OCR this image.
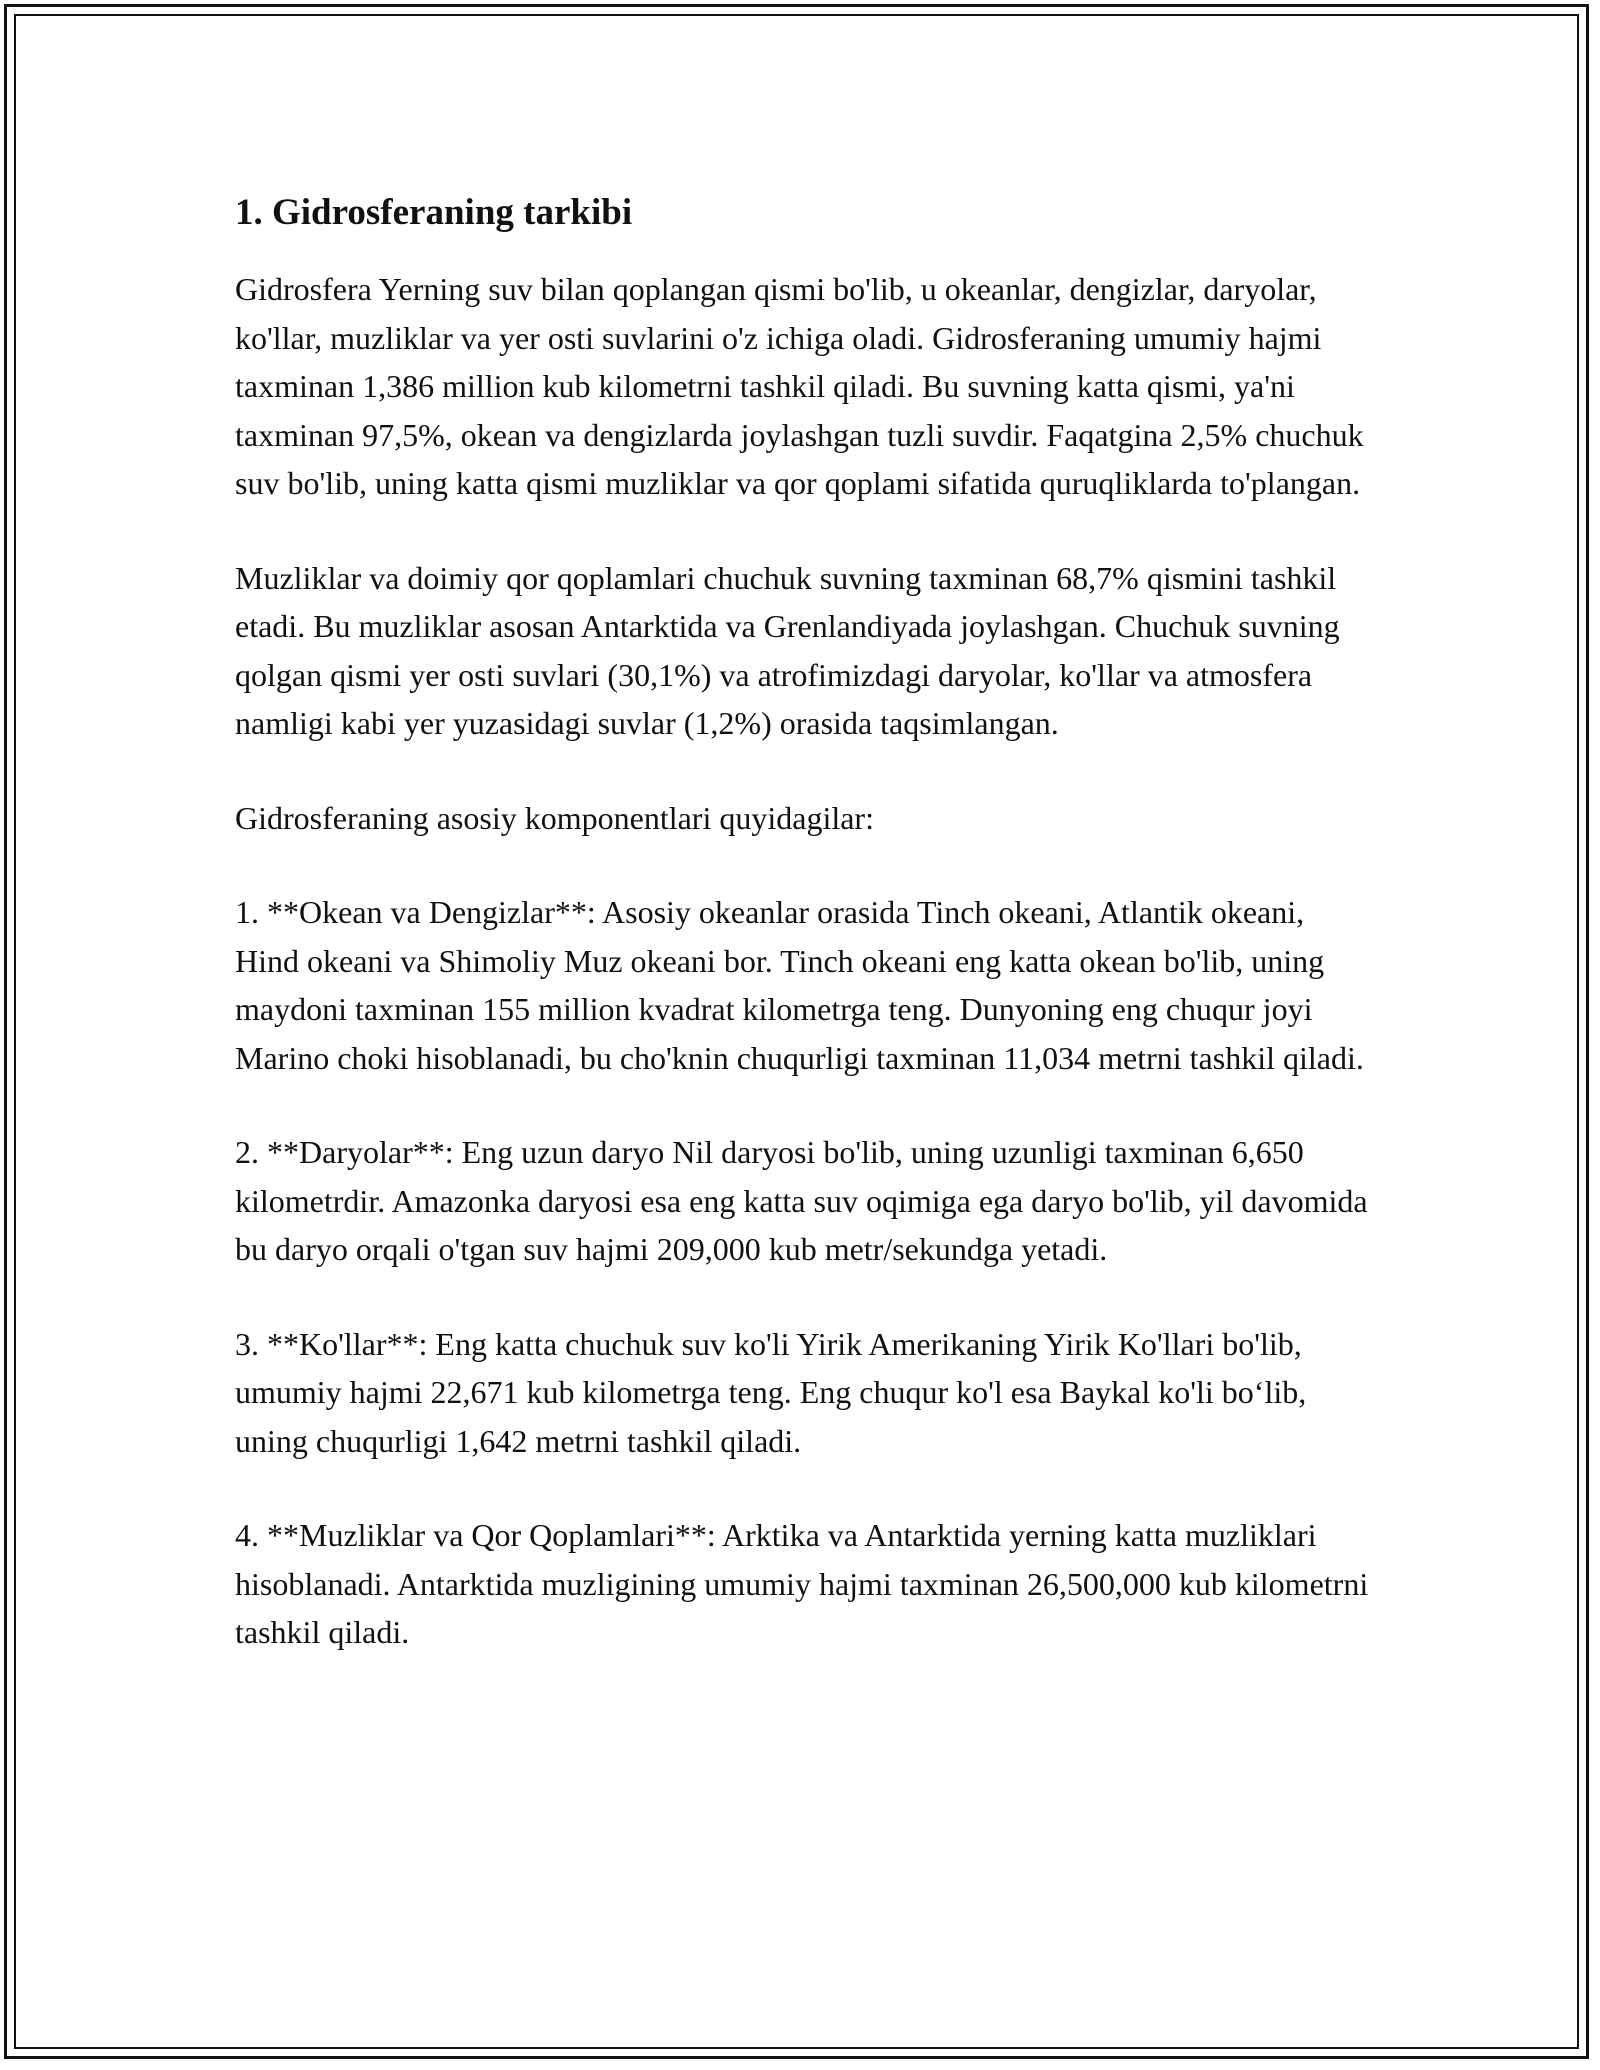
1. Gidrosferaning tarkibi

Gidrosfera Yerning suv bilan qoplangan qismi bo'lib, u okeanlar, dengizlar, daryolar, ko'llar, muzliklar va yer osti suvlarini o'z ichiga oladi. Gidrosferaning umumiy hajmi taxminan 1,386 million kub kilometrni tashkil qiladi. Bu suvning katta qismi, ya'ni taxminan 97,5%, okean va dengizlarda joylashgan tuzli suvdir. Faqatgina 2,5% chuchuk suv bo'lib, uning katta qismi muzliklar va qor qoplami sifatida quruqliklarda to'plangan.

Muzliklar va doimiy qor qoplamlari chuchuk suvning taxminan 68,7% qismini tashkil etadi. Bu muzliklar asosan Antarktida va Grenlandiyada joylashgan. Chuchuk suvning qolgan qismi yer osti suvlari (30,1%) va atrofimizdagi daryolar, ko'llar va atmosfera namligi kabi yer yuzasidagi suvlar (1,2%) orasida taqsimlangan.

Gidrosferaning asosiy komponentlari quyidagilar:

1. **Okean va Dengizlar**: Asosiy okeanlar orasida Tinch okeani, Atlantik okeani, Hind okeani va Shimoliy Muz okeani bor. Tinch okeani eng katta okean bo'lib, uning maydoni taxminan 155 million kvadrat kilometrga teng. Dunyoning eng chuqur joyi Marino choki hisoblanadi, bu cho'knin chuqurligi taxminan 11,034 metrni tashkil qiladi.

2. **Daryolar**: Eng uzun daryo Nil daryosi bo'lib, uning uzunligi taxminan 6,650 kilometrdir. Amazonka daryosi esa eng katta suv oqimiga ega daryo bo'lib, yil davomida bu daryo orqali o'tgan suv hajmi 209,000 kub metr/sekundga yetadi.

3. **Ko'llar**: Eng katta chuchuk suv ko'li Yirik Amerikaning Yirik Ko'llari bo'lib, umumiy hajmi 22,671 kub kilometrga teng. Eng chuqur ko'l esa Baykal ko'li bo‘lib, uning chuqurligi 1,642 metrni tashkil qiladi.

4. **Muzliklar va Qor Qoplamlari**: Arktika va Antarktida yerning katta muzliklari hisoblanadi. Antarktida muzligining umumiy hajmi taxminan 26,500,000 kub kilometrni tashkil qiladi.
